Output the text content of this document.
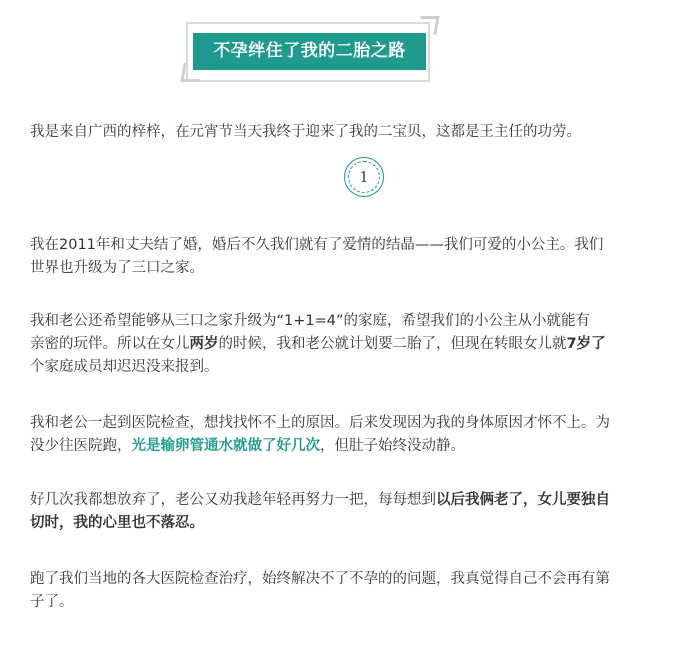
不孕绊住了我的二胎之路
我是来自广西的梓梓，在元宵节当天我终于迎来了我的二宝贝，这都是王主任的功劳。
1
我在2011年和丈夫结了婚，婚后不久我们就有了爱情的结晶——我们可爱的小公主。我们
世界也升级为了三口之家。
我和老公还希望能够从三口之家升级为“1+1=4”的家庭，希望我们的小公主从小就能有
亲密的玩伴。所以在女儿两岁的时候，我和老公就计划要二胎了，但现在转眼女儿就7岁了
个家庭成员却迟迟没来报到。
我和老公一起到医院检查，想找找怀不上的原因。后来发现因为我的身体原因才怀不上。为
没少往医院跑，光是输卵管通水就做了好几次，但肚子始终没动静。
好几次我都想放弃了，老公又劝我趁年轻再努力一把，每每想到以后我俩老了，女儿要独自
切时，我的心里也不落忍。
跑了我们当地的各大医院检查治疗，始终解决不了不孕的的问题，我真觉得自己不会再有第
子了。
